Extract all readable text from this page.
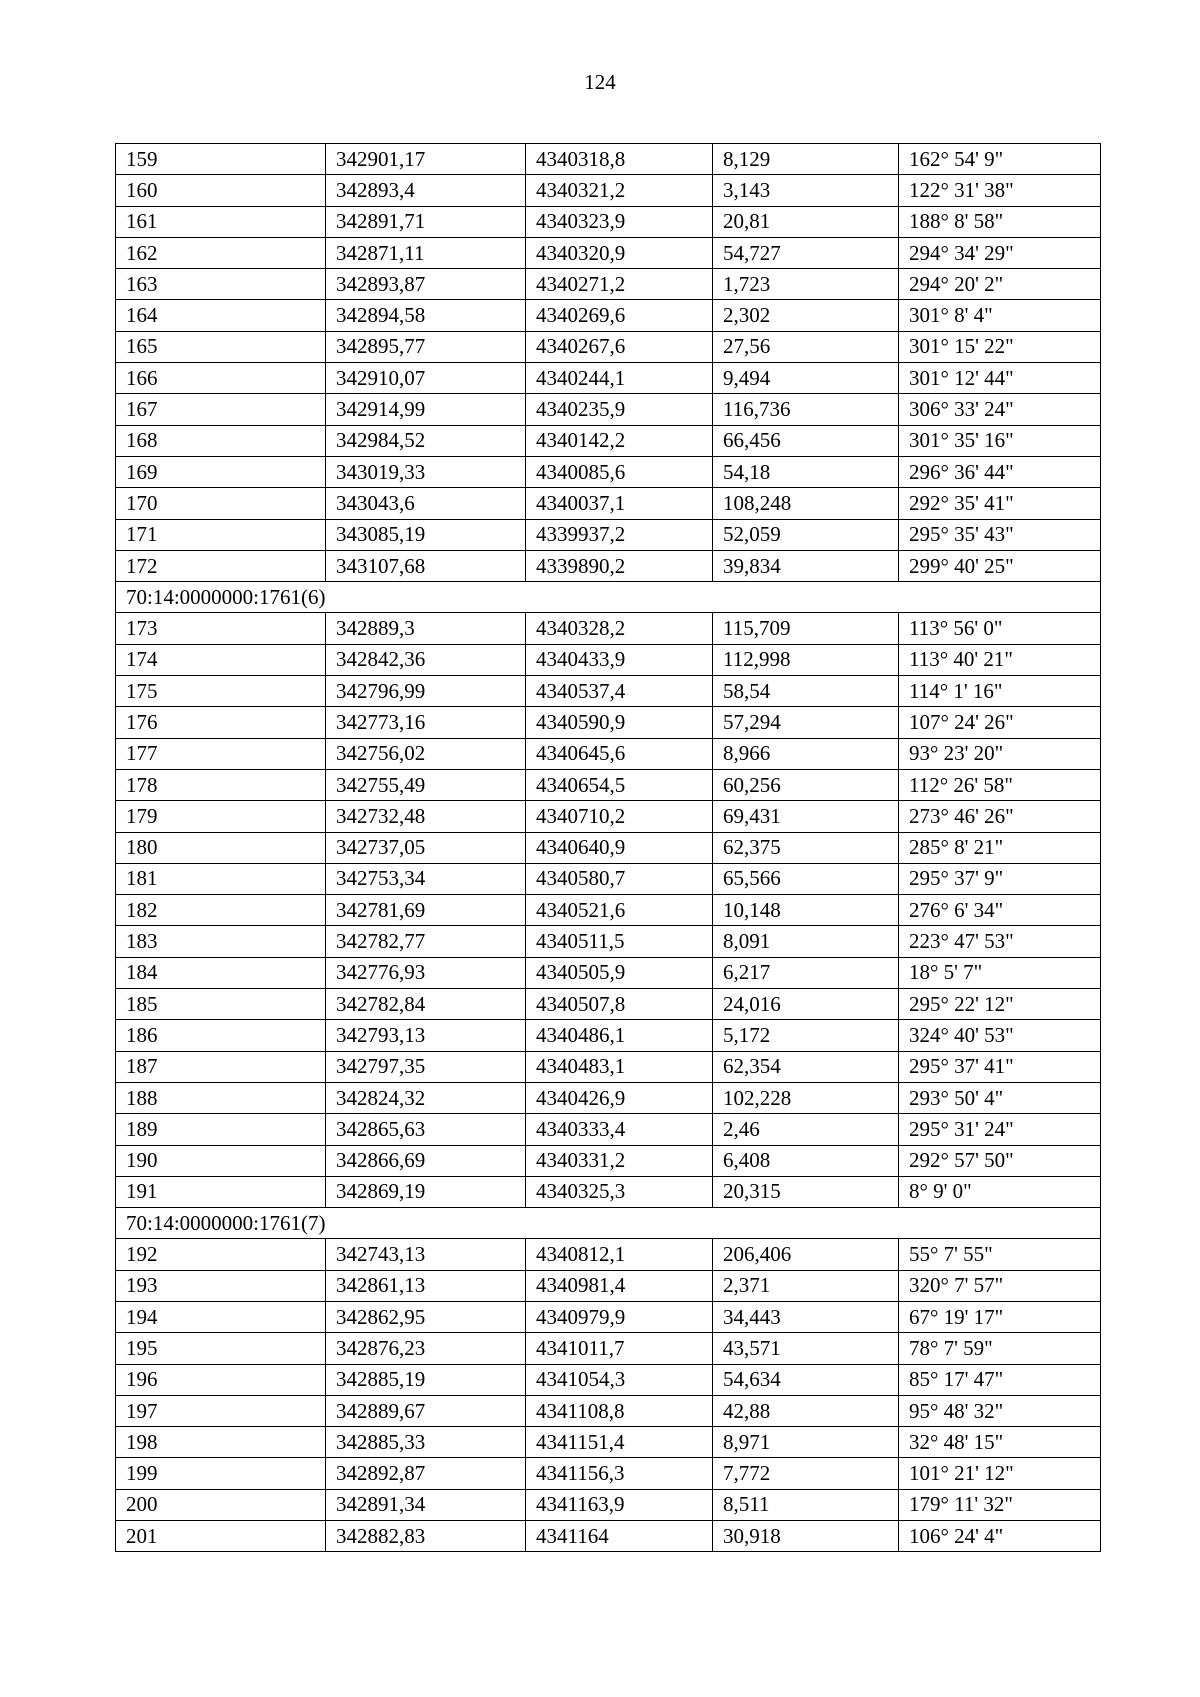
124
159	342901,17	4340318,8	8,129	162° 54' 9"
160	342893,4	4340321,2	3,143	122° 31' 38"
161	342891,71	4340323,9	20,81	188° 8' 58"
162	342871,11	4340320,9	54,727	294° 34' 29"
163	342893,87	4340271,2	1,723	294° 20' 2"
164	342894,58	4340269,6	2,302	301° 8' 4"
165	342895,77	4340267,6	27,56	301° 15' 22"
166	342910,07	4340244,1	9,494	301° 12' 44"
167	342914,99	4340235,9	116,736	306° 33' 24"
168	342984,52	4340142,2	66,456	301° 35' 16"
169	343019,33	4340085,6	54,18	296° 36' 44"
170	343043,6	4340037,1	108,248	292° 35' 41"
171	343085,19	4339937,2	52,059	295° 35' 43"
172	343107,68	4339890,2	39,834	299° 40' 25"
70:14:0000000:1761(6)				
173	342889,3	4340328,2	115,709	113° 56' 0"
174	342842,36	4340433,9	112,998	113° 40' 21"
175	342796,99	4340537,4	58,54	114° 1' 16"
176	342773,16	4340590,9	57,294	107° 24' 26"
177	342756,02	4340645,6	8,966	93° 23' 20"
178	342755,49	4340654,5	60,256	112° 26' 58"
179	342732,48	4340710,2	69,431	273° 46' 26"
180	342737,05	4340640,9	62,375	285° 8' 21"
181	342753,34	4340580,7	65,566	295° 37' 9"
182	342781,69	4340521,6	10,148	276° 6' 34"
183	342782,77	4340511,5	8,091	223° 47' 53"
184	342776,93	4340505,9	6,217	18° 5' 7"
185	342782,84	4340507,8	24,016	295° 22' 12"
186	342793,13	4340486,1	5,172	324° 40' 53"
187	342797,35	4340483,1	62,354	295° 37' 41"
188	342824,32	4340426,9	102,228	293° 50' 4"
189	342865,63	4340333,4	2,46	295° 31' 24"
190	342866,69	4340331,2	6,408	292° 57' 50"
191	342869,19	4340325,3	20,315	8° 9' 0"
70:14:0000000:1761(7)				
192	342743,13	4340812,1	206,406	55° 7' 55"
193	342861,13	4340981,4	2,371	320° 7' 57"
194	342862,95	4340979,9	34,443	67° 19' 17"
195	342876,23	4341011,7	43,571	78° 7' 59"
196	342885,19	4341054,3	54,634	85° 17' 47"
197	342889,67	4341108,8	42,88	95° 48' 32"
198	342885,33	4341151,4	8,971	32° 48' 15"
199	342892,87	4341156,3	7,772	101° 21' 12"
200	342891,34	4341163,9	8,511	179° 11' 32"
201	342882,83	4341164	30,918	106° 24' 4"
